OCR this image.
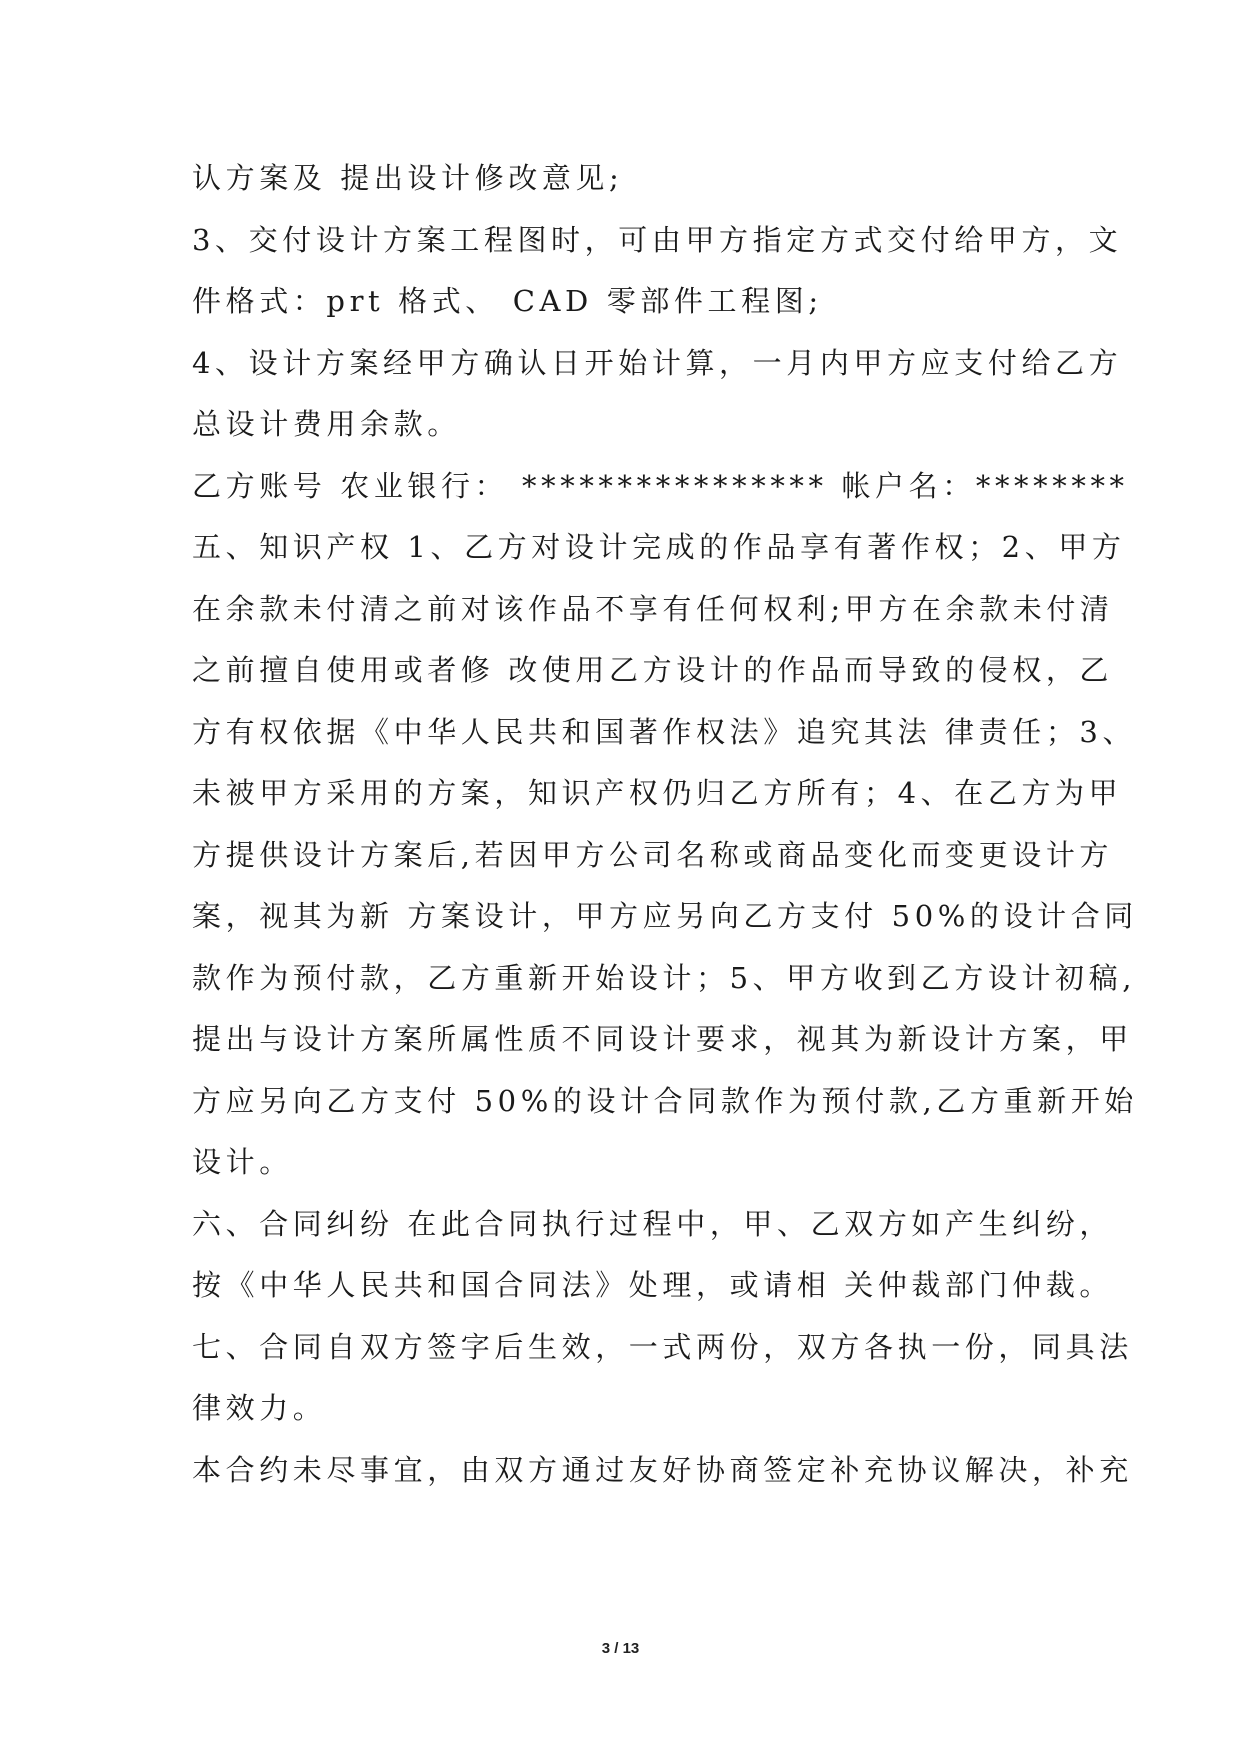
认方案及 提出设计修改意见;
3、交付设计方案工程图时，可由甲方指定方式交付给甲方，文
件格式：prt 格式、 CAD 零部件工程图;
4、设计方案经甲方确认日开始计算，一月内甲方应支付给乙方
总设计费用余款。
乙方账号 农业银行： **************** 帐户名：********
五、知识产权 1、乙方对设计完成的作品享有著作权；2、甲方
在余款未付清之前对该作品不享有任何权利;甲方在余款未付清
之前擅自使用或者修 改使用乙方设计的作品而导致的侵权，乙
方有权依据《中华人民共和国著作权法》追究其法 律责任；3、
未被甲方采用的方案，知识产权仍归乙方所有；4、在乙方为甲
方提供设计方案后,若因甲方公司名称或商品变化而变更设计方
案，视其为新 方案设计，甲方应另向乙方支付 50%的设计合同
款作为预付款，乙方重新开始设计；5、甲方收到乙方设计初稿,
提出与设计方案所属性质不同设计要求，视其为新设计方案，甲
方应另向乙方支付 50%的设计合同款作为预付款,乙方重新开始
设计。
六、合同纠纷 在此合同执行过程中，甲、乙双方如产生纠纷，
按《中华人民共和国合同法》处理，或请相 关仲裁部门仲裁。
七、合同自双方签字后生效，一式两份，双方各执一份，同具法
律效力。
本合约未尽事宜，由双方通过友好协商签定补充协议解决，补充
3 / 13
